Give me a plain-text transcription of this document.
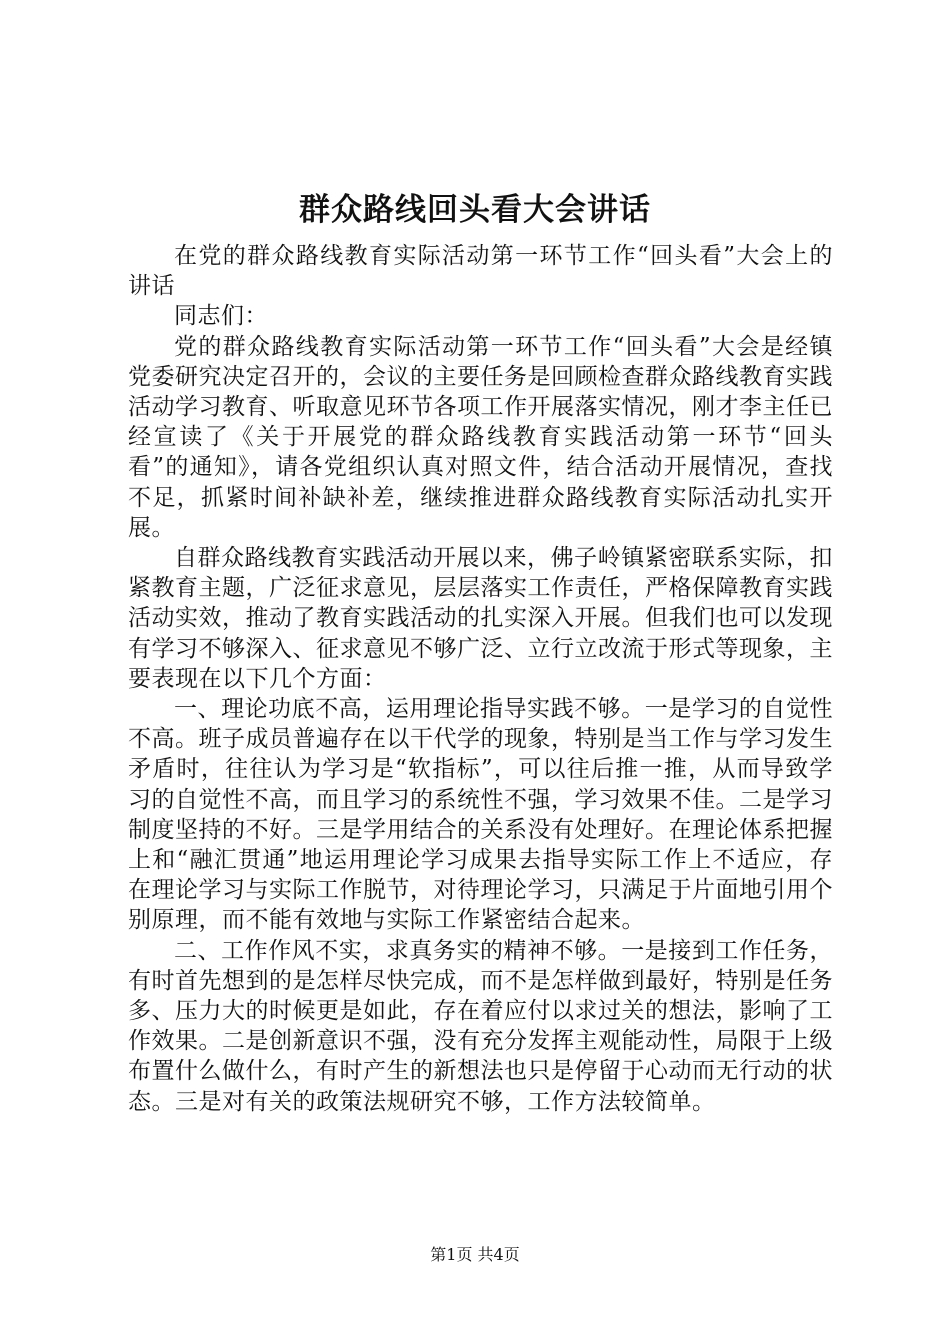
群众路线回头看大会讲话

在党的群众路线教育实际活动第一环节工作“回头看”大会上的讲话

同志们：

党的群众路线教育实际活动第一环节工作“回头看”大会是经镇党委研究决定召开的，会议的主要任务是回顾检查群众路线教育实践活动学习教育、听取意见环节各项工作开展落实情况，刚才李主任已经宣读了《关于开展党的群众路线教育实践活动第一环节“回头看”的通知》，请各党组织认真对照文件，结合活动开展情况，查找不足，抓紧时间补缺补差，继续推进群众路线教育实际活动扎实开展。

自群众路线教育实践活动开展以来，佛子岭镇紧密联系实际，扣紧教育主题，广泛征求意见，层层落实工作责任，严格保障教育实践活动实效，推动了教育实践活动的扎实深入开展。但我们也可以发现有学习不够深入、征求意见不够广泛、立行立改流于形式等现象，主要表现在以下几个方面：

一、理论功底不高，运用理论指导实践不够。一是学习的自觉性不高。班子成员普遍存在以干代学的现象，特别是当工作与学习发生矛盾时，往往认为学习是“软指标”，可以往后推一推，从而导致学习的自觉性不高，而且学习的系统性不强，学习效果不佳。二是学习制度坚持的不好。三是学用结合的关系没有处理好。在理论体系把握上和“融汇贯通”地运用理论学习成果去指导实际工作上不适应，存在理论学习与实际工作脱节，对待理论学习，只满足于片面地引用个别原理，而不能有效地与实际工作紧密结合起来。

二、工作作风不实，求真务实的精神不够。一是接到工作任务，有时首先想到的是怎样尽快完成，而不是怎样做到最好，特别是任务多、压力大的时候更是如此，存在着应付以求过关的想法，影响了工作效果。二是创新意识不强，没有充分发挥主观能动性，局限于上级布置什么做什么，有时产生的新想法也只是停留于心动而无行动的状态。三是对有关的政策法规研究不够，工作方法较简单。

第1页 共4页
